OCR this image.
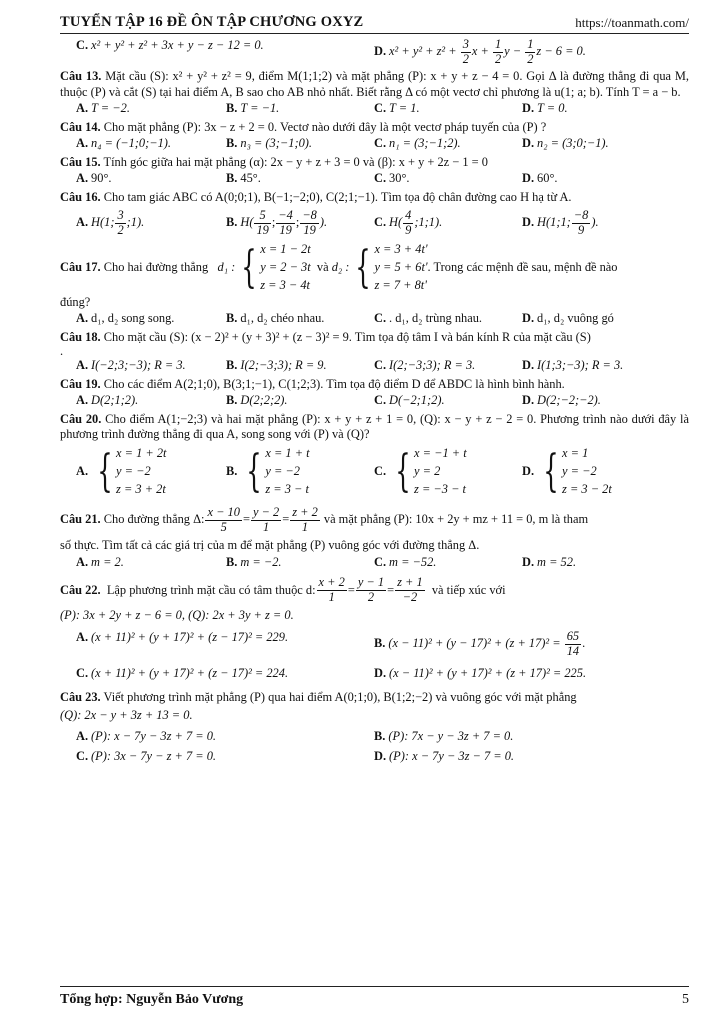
TUYỂN TẬP 16 ĐỀ ÔN TẬP CHƯƠNG OXYZ	https://toanmath.com/
C. x² + y² + z² + 3x + y − z − 12 = 0.	D. $x^2 + y^2 + z^2 + \frac{3}{2}$ $x + \frac{1}{2}$ $y - \frac{1}{2}$ z − 6 = 0.
Câu 13. Mặt cầu (S): x² + y² + z² = 9, điểm M(1;1;2) và mặt phẳng (P): x + y + z − 4 = 0. Gọi Δ là đường thẳng đi qua M, thuộc (P) và cắt (S) tại hai điểm A, B sao cho AB nhỏ nhất. Biết rằng Δ có một vectơ chỉ phương là u(1; a; b). Tính T = a − b.
A. T = −2.	B. T = −1.	C. T = 1.	D. T = 0.
Câu 14. Cho mặt phẳng (P): 3x − z + 2 = 0. Vectơ nào dưới đây là một vectơ pháp tuyến của (P) ?
A. n₄ = (−1;0;−1).	B. n₃ = (3;−1;0).	C. n₁ = (3;−1;2).	D. n₂ = (3;0;−1).
Câu 15. Tính góc giữa hai mặt phẳng (α): 2x − y + z + 3 = 0 và (β): x + y + 2z − 1 = 0
A. 90°.	B. 45°.	C. 30°.	D. 60°.
Câu 16. Cho tam giác ABC có A(0;0;1), B(−1;−2;0), C(2;1;−1). Tìm tọa độ chân đường cao H hạ từ A.
A. H(1; $\frac{3}{2}$ ;1).	B. $H( \frac{5}{19}$ ; $\frac{-4}{19}$ ; $\frac{-8}{19}$ ).	C. $H( \frac{4}{9}$ ;1;1).	D. H(1;1; $\frac{-8}{9}$ ).
Câu 17.
Cho hai đường thẳng
d₁ : { x = 1 − 2t
y = 2 − 3t
z = 3 − 4t

và
d₂ : { x = 3 + 4t'
y = 5 + 6t'
z = 7 + 8t'
. Trong các mệnh đề sau, mệnh đề nào
đúng?
A. d₁, d₂ song song.	B. d₁, d₂ chéo nhau.	C. . d₁, d₂ trùng nhau.	D. d₁, d₂ vuông gó
Câu 18. Cho mặt cầu (S): (x − 2)² + (y + 3)² + (z − 3)² = 9. Tìm tọa độ tâm I và bán kính R của mặt cầu (S)
.
A. I(−2;3;−3); R = 3.	B. I(2;−3;3); R = 9.	C. I(2;−3;3); R = 3.	D. I(1;3;−3); R = 3.
Câu 19. Cho các điểm A(2;1;0), B(3;1;−1), C(1;2;3). Tìm tọa độ điểm D để ABDC là hình bình hành.
A. D(2;1;2).	B. D(2;2;2).	C. D(−2;1;2).	D. D(2;−2;−2).
Câu 20. Cho điểm A(1;−2;3) và hai mặt phẳng (P): x + y + z + 1 = 0, (Q): x − y + z − 2 = 0. Phương trình nào dưới đây là phương trình đường thẳng đi qua A, song song với (P) và (Q)?
A. { x = 1 + 2t
y = −2
z = 3 + 2t
B. { x = 1 + t
y = −2
z = 3 − t
C. { x = −1 + t
y = 2
z = −3 − t
D. { x = 1
y = −2
z = 3 − 2t
Câu 21.
Cho đường thẳng Δ: $\frac{x - 10}{5} = \frac{y - 2}{1} = \frac{z + 2}{1}$
và mặt phẳng (P): 10x + 2y + mz + 11 = 0, m là tham
số thực. Tìm tất cả các giá trị của m để mặt phẳng (P) vuông góc với đường thẳng Δ.
A. m = 2.	B. m = −2.	C. m = −52.	D. m = 52.
Câu 22.
Lập phương trình mặt cầu có tâm thuộc d: $\frac{x + 2}{1} = \frac{y - 1}{2} = \frac{z + 1}{-2}$
và tiếp xúc với
(P): 3x + 2y + z − 6 = 0, (Q): 2x + 3y + z = 0.
A. (x + 11)² + (y + 17)² + (z − 17)² = 229.	B. $(x - 11)^2 + (y - 17)^2 + (z + 17)^2 = \frac{65}{14}$ .
C. (x + 11)² + (y + 17)² + (z − 17)² = 224.	D. (x − 11)² + (y + 17)² + (z + 17)² = 225.
Câu 23. Viết phương trình mặt phẳng (P) qua hai điểm A(0;1;0), B(1;2;−2) và vuông góc với mặt phẳng
(Q): 2x − y + 3z + 13 = 0.
A. (P): x − 7y − 3z + 7 = 0.	B. (P): 7x − y − 3z + 7 = 0.
C. (P): 3x − 7y − z + 7 = 0.	D. (P): x − 7y − 3z − 7 = 0.
Tổng hợp: Nguyễn Bảo Vương	5
